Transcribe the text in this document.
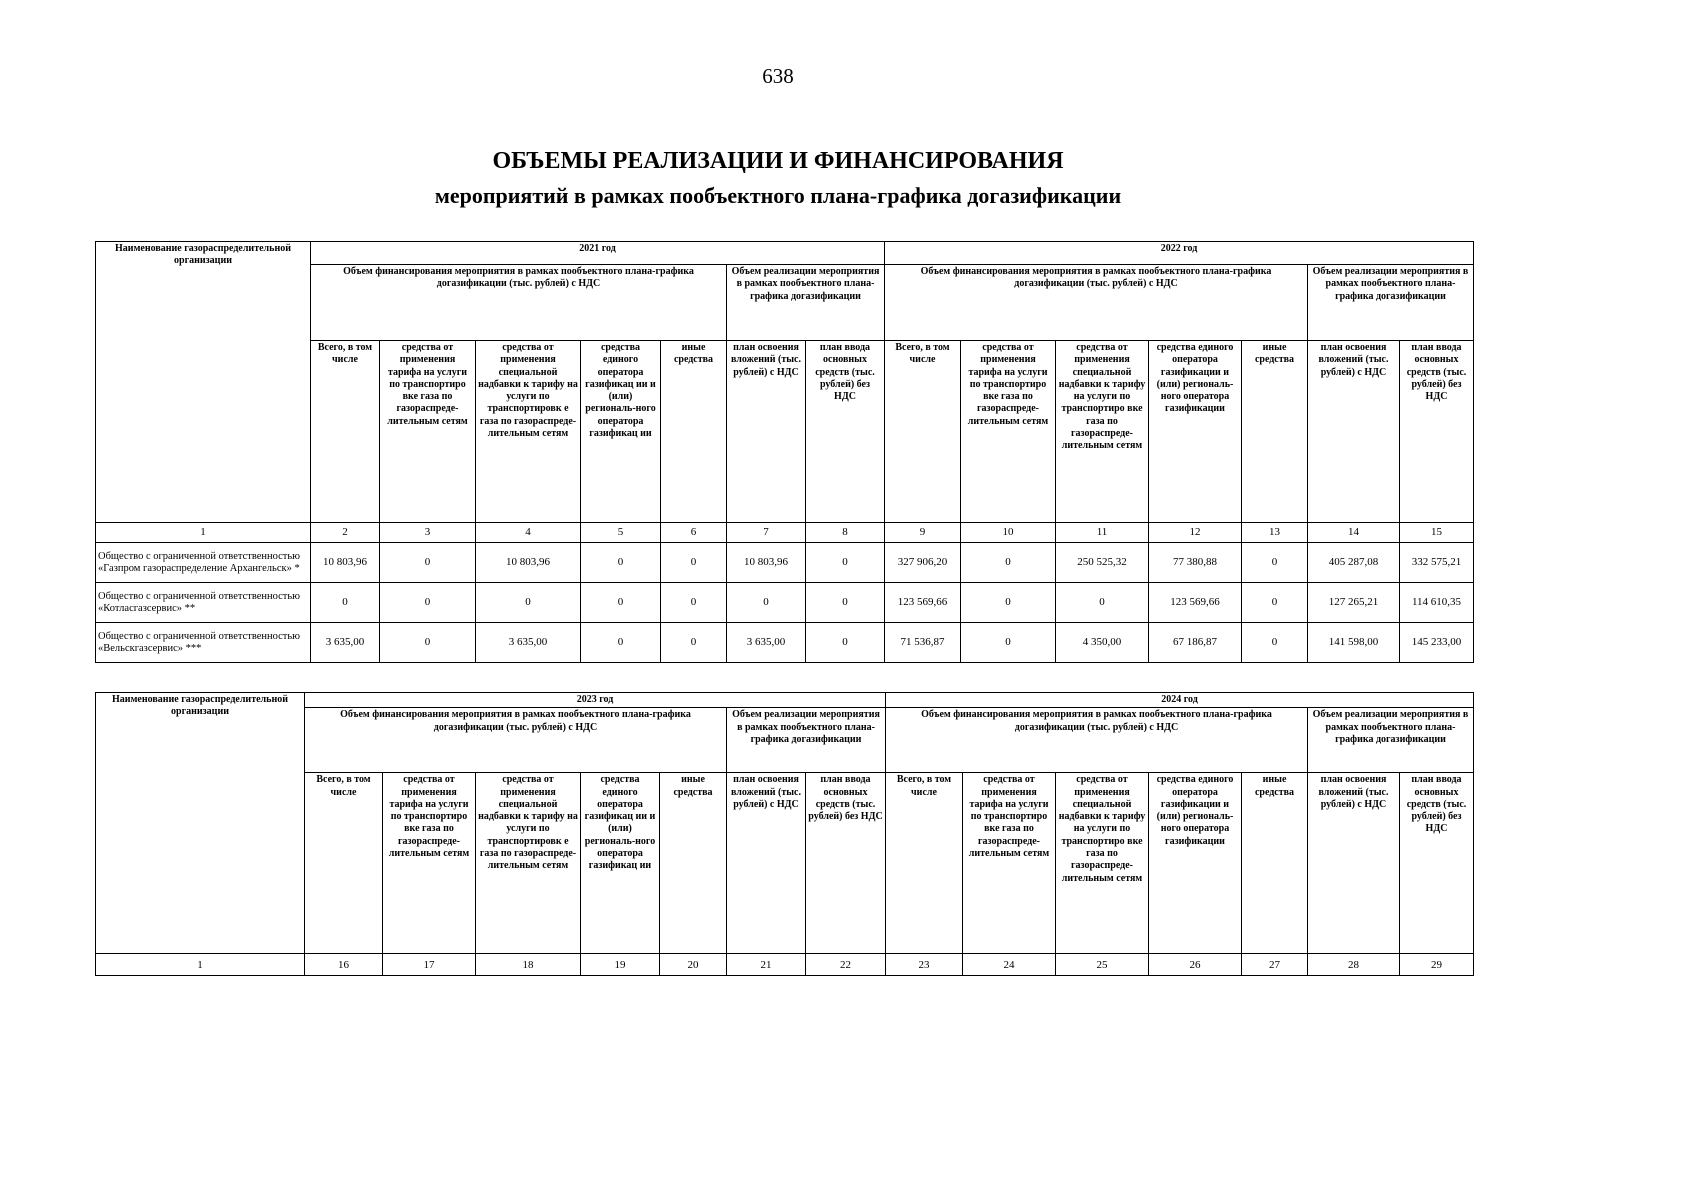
638
ОБЪЕМЫ РЕАЛИЗАЦИИ И ФИНАНСИРОВАНИЯ
мероприятий в рамках пообъектного плана-графика догазификации
Наименование газораспределительной организации	2021 год							2022 год						
	Объем финансирования мероприятия в рамках пообъектного плана-графика догазификации (тыс. рублей) с НДС					Объем реализации мероприятия в рамках пообъектного плана-графика догазификации		Объем финансирования мероприятия в рамках пообъектного плана-графика догазификации (тыс. рублей) с НДС					Объем реализации мероприятия в рамках пообъектного плана-графика догазификации	
	Всего, в том числе	средства от применения тарифа на услуги по транспортиро вке газа по газораспреде-лительным сетям	средства от применения специальной надбавки к тарифу на услуги по транспортировк е газа по газораспреде-лительным сетям	средства единого оператора газификац ии и (или) региональ-ного оператора газификац ии	иные средства	план освоения вложений (тыс. рублей) с НДС	план ввода основных средств (тыс. рублей) без НДС	Всего, в том числе	средства от применения тарифа на услуги по транспортиро вке газа по газораспреде-лительным сетям	средства от применения специальной надбавки к тарифу на услуги по транспортирo вке газа по газораспреде-лительным сетям	средства единого оператора газификации и (или) региональ-ного оператора газификации	иные средства	план освоения вложений (тыс. рублей) с НДС	план ввода основных средств (тыс. рублей) без НДС
1	2	3	4	5	6	7	8	9	10	11	12	13	14	15
Общество с ограниченной ответственностью «Газпром газораспределение Архангельск» *	10 803,96	0	10 803,96	0	0	10 803,96	0	327 906,20	0	250 525,32	77 380,88	0	405 287,08	332 575,21
Общество с ограниченной ответственностью «Котласгазсервис» **	0	0	0	0	0	0	0	123 569,66	0	0	123 569,66	0	127 265,21	114 610,35
Общество с ограниченной ответственностью «Вельскгазсервис» ***	3 635,00	0	3 635,00	0	0	3 635,00	0	71 536,87	0	4 350,00	67 186,87	0	141 598,00	145 233,00
Наименование газораспределительной организации	2023 год							2024 год						
	Объем финансирования мероприятия в рамках пообъектного плана-графика догазификации (тыс. рублей) с НДС					Объем реализации мероприятия в рамках пообъектного плана-графика догазификации		Объем финансирования мероприятия в рамках пообъектного плана-графика догазификации (тыс. рублей) с НДС					Объем реализации мероприятия в рамках пообъектного плана-графика догазификации	
	Всего, в том числе	средства от применения тарифа на услуги по транспортиро вке газа по газораспреде-лительным сетям	средства от применения специальной надбавки к тарифу на услуги по транспортировк е газа по газораспреде-лительным сетям	средства единого оператора газификац ии и (или) региональ-ного оператора газификац ии	иные средства	план освоения вложений (тыс. рублей) с НДС	план ввода основных средств (тыс. рублей) без НДС	Всего, в том числе	средства от применения тарифа на услуги по транспортиро вке газа по газораспреде-лительным сетям	средства от применения специальной надбавки к тарифу на услуги по транспортиро вке газа по газораспреде-лительным сетям	средства единого оператора газификации и (или) региональ-ного оператора газификации	иные средства	план освоения вложений (тыс. рублей) с НДС	план ввода основных средств (тыс. рублей) без НДС
1	16	17	18	19	20	21	22	23	24	25	26	27	28	29
